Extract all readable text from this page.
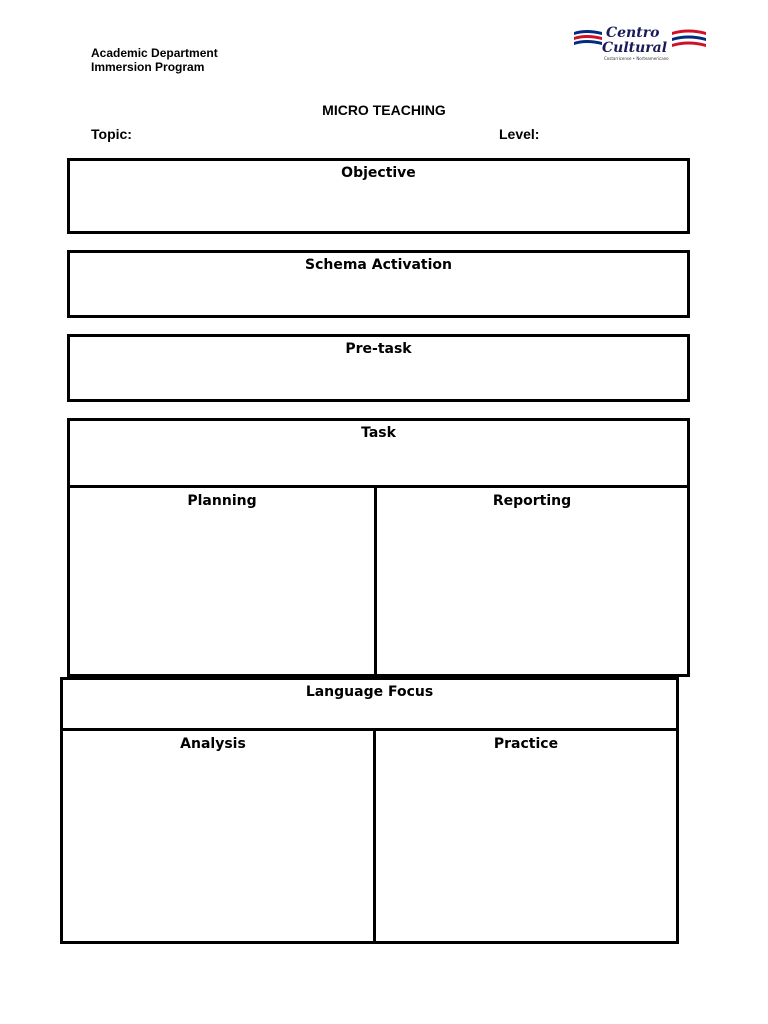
Academic Department
Immersion Program
Centro
Cultural
Costarricense • Norteamericano
MICRO TEACHING
Topic:	Level:
Objective
Schema Activation
Pre-task
Task
Planning	Reporting
Language Focus
Analysis	Practice
